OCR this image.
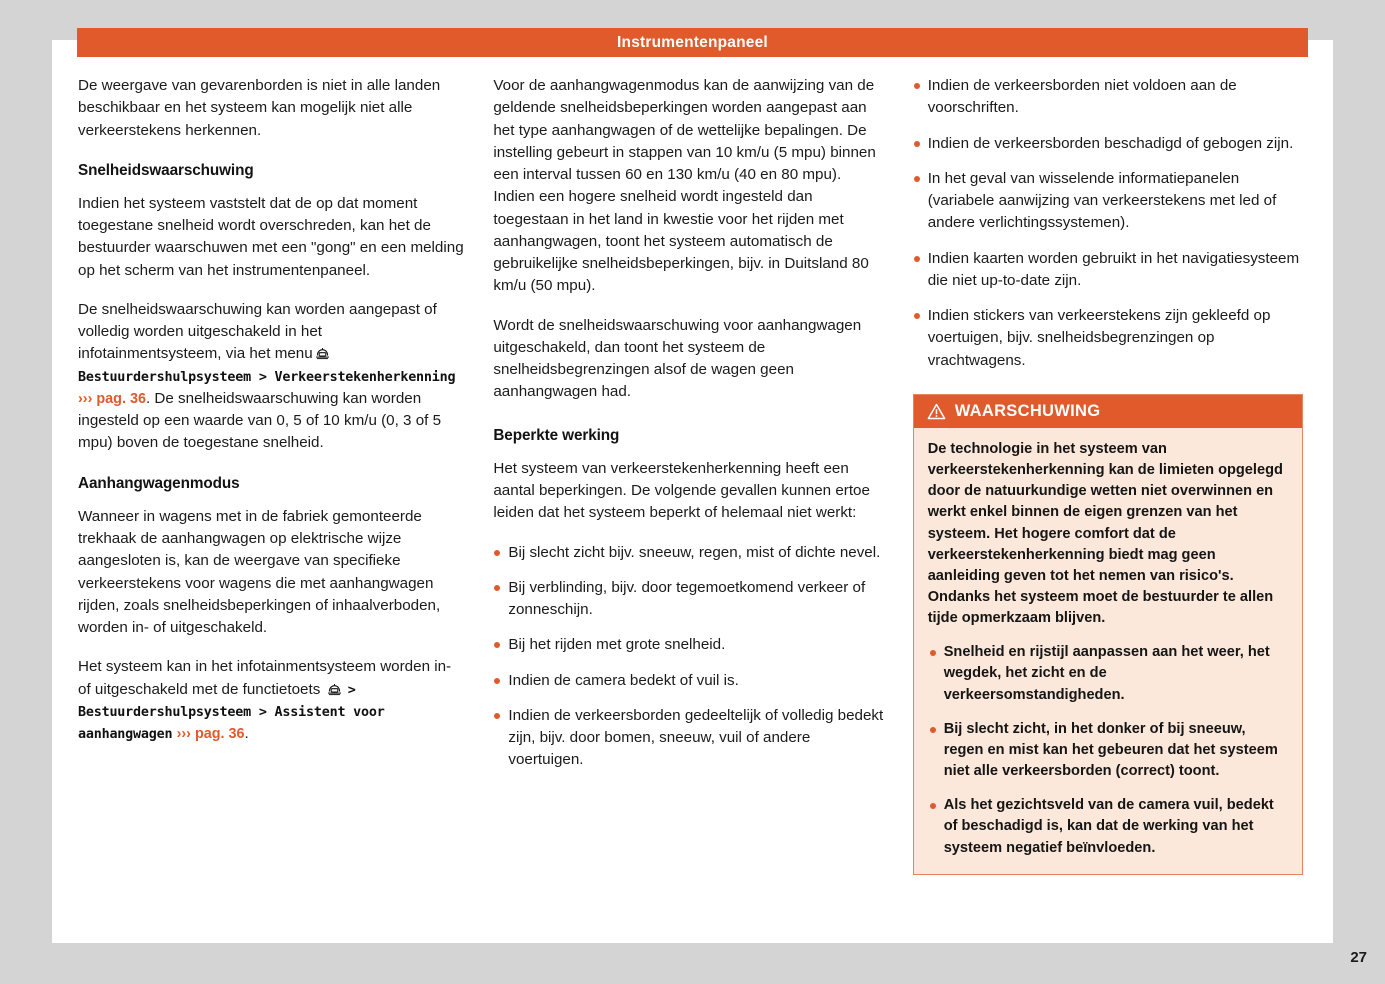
Instrumentenpaneel

De weergave van gevarenborden is niet in alle landen beschikbaar en het systeem kan mogelijk niet alle verkeerstekens herkennen.

Snelheidswaarschuwing

Indien het systeem vaststelt dat de op dat moment toegestane snelheid wordt overschreden, kan het de bestuurder waarschuwen met een "gong" en een melding op het scherm van het instrumentenpaneel.

De snelheidswaarschuwing kan worden aangepast of volledig worden uitgeschakeld in het infotainmentsysteem, via het menu Bestuurdershulpsysteem > Verkeerstekenherkenning ››› pag. 36. De snelheidswaarschuwing kan worden ingesteld op een waarde van 0, 5 of 10 km/u (0, 3 of 5 mpu) boven de toegestane snelheid.

Aanhangwagenmodus

Wanneer in wagens met in de fabriek gemonteerde trekhaak de aanhangwagen op elektrische wijze aangesloten is, kan de weergave van specifieke verkeerstekens voor wagens die met aanhangwagen rijden, zoals snelheidsbeperkingen of inhaalverboden, worden in- of uitgeschakeld.

Het systeem kan in het infotainmentsysteem worden in- of uitgeschakeld met de functietoets > Bestuurdershulpsysteem > Assistent voor aanhangwagen ››› pag. 36.

Voor de aanhangwagenmodus kan de aanwijzing van de geldende snelheidsbeperkingen worden aangepast aan het type aanhangwagen of de wettelijke bepalingen. De instelling gebeurt in stappen van 10 km/u (5 mpu) binnen een interval tussen 60 en 130 km/u (40 en 80 mpu). Indien een hogere snelheid wordt ingesteld dan toegestaan in het land in kwestie voor het rijden met aanhangwagen, toont het systeem automatisch de gebruikelijke snelheidsbeperkingen, bijv. in Duitsland 80 km/u (50 mpu).

Wordt de snelheidswaarschuwing voor aanhangwagen uitgeschakeld, dan toont het systeem de snelheidsbegrenzingen alsof de wagen geen aanhangwagen had.

Beperkte werking

Het systeem van verkeerstekenherkenning heeft een aantal beperkingen. De volgende gevallen kunnen ertoe leiden dat het systeem beperkt of helemaal niet werkt:

Bij slecht zicht bijv. sneeuw, regen, mist of dichte nevel.
Bij verblinding, bijv. door tegemoetkomend verkeer of zonneschijn.
Bij het rijden met grote snelheid.
Indien de camera bedekt of vuil is.
Indien de verkeersborden gedeeltelijk of volledig bedekt zijn, bijv. door bomen, sneeuw, vuil of andere voertuigen.
Indien de verkeersborden niet voldoen aan de voorschriften.
Indien de verkeersborden beschadigd of gebogen zijn.
In het geval van wisselende informatiepanelen (variabele aanwijzing van verkeerstekens met led of andere verlichtingssystemen).
Indien kaarten worden gebruikt in het navigatiesysteem die niet up-to-date zijn.
Indien stickers van verkeerstekens zijn gekleefd op voertuigen, bijv. snelheidsbegrenzingen op vrachtwagens.
WAARSCHUWING

De technologie in het systeem van verkeerstekenherkenning kan de limieten opgelegd door de natuurkundige wetten niet overwinnen en werkt enkel binnen de eigen grenzen van het systeem. Het hogere comfort dat de verkeerstekenherkenning biedt mag geen aanleiding geven tot het nemen van risico's. Ondanks het systeem moet de bestuurder te allen tijde opmerkzaam blijven.

Snelheid en rijstijl aanpassen aan het weer, het wegdek, het zicht en de verkeersomstandigheden.
Bij slecht zicht, in het donker of bij sneeuw, regen en mist kan het gebeuren dat het systeem niet alle verkeersborden (correct) toont.
Als het gezichtsveld van de camera vuil, bedekt of beschadigd is, kan dat de werking van het systeem negatief beïnvloeden.
27
